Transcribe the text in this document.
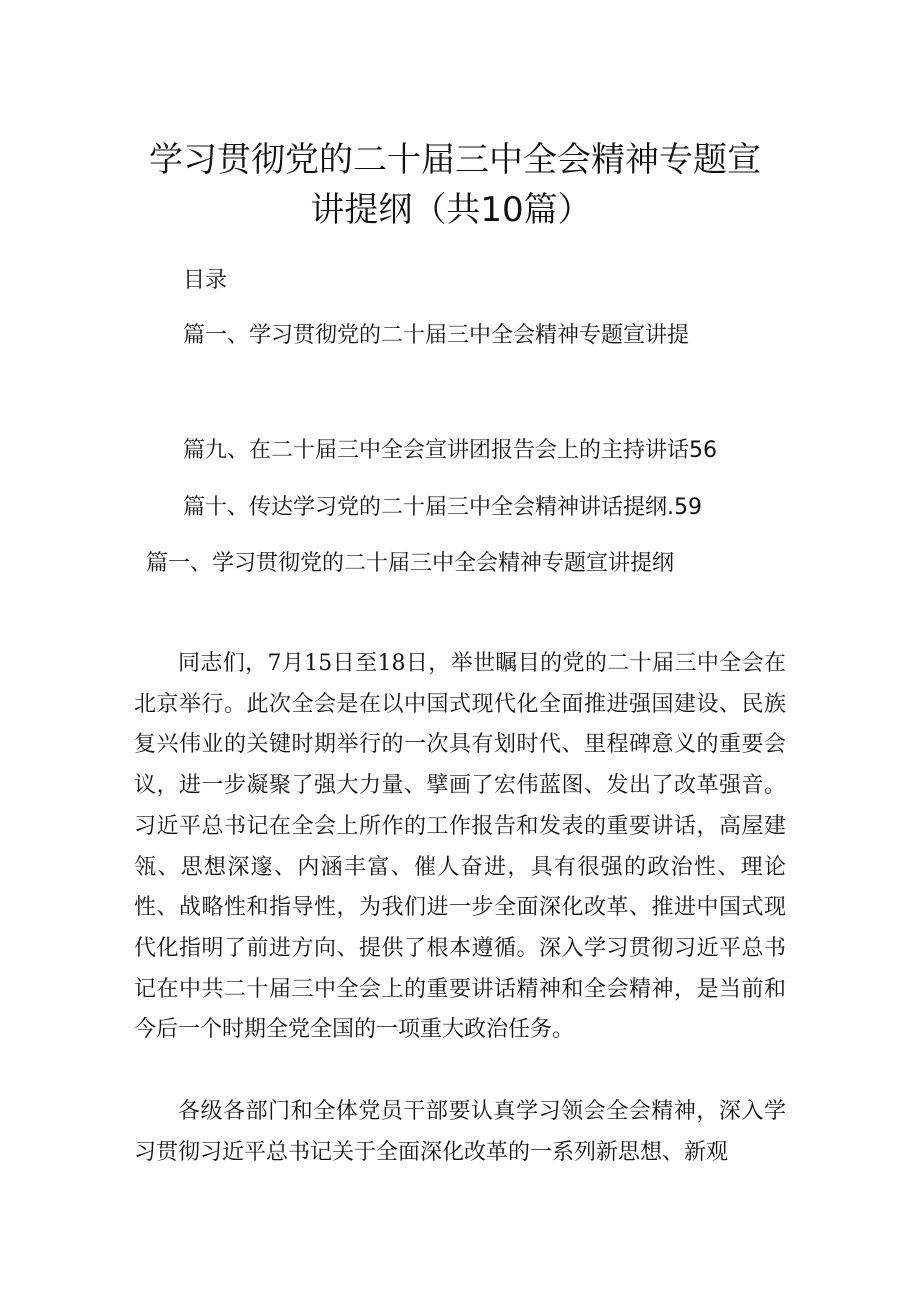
学习贯彻党的二十届三中全会精神专题宣
讲提纲（共10篇）
目录
篇一、学习贯彻党的二十届三中全会精神专题宣讲提
篇九、在二十届三中全会宣讲团报告会上的主持讲话56
篇十、传达学习党的二十届三中全会精神讲话提纲.59
篇一、学习贯彻党的二十届三中全会精神专题宣讲提纲

同志们，7月15日至18日，举世瞩目的党的二十届三中全会在北京举行。此次全会是在以中国式现代化全面推进强国建设、民族复兴伟业的关键时期举行的一次具有划时代、里程碑意义的重要会议，进一步凝聚了强大力量、擘画了宏伟蓝图、发出了改革强音。习近平总书记在全会上所作的工作报告和发表的重要讲话，高屋建瓴、思想深邃、内涵丰富、催人奋进，具有很强的政治性、理论性、战略性和指导性，为我们进一步全面深化改革、推进中国式现代化指明了前进方向、提供了根本遵循。深入学习贯彻习近平总书记在中共二十届三中全会上的重要讲话精神和全会精神，是当前和今后一个时期全党全国的一项重大政治任务。

各级各部门和全体党员干部要认真学习领会全会精神，深入学习贯彻习近平总书记关于全面深化改革的一系列新思想、新观
